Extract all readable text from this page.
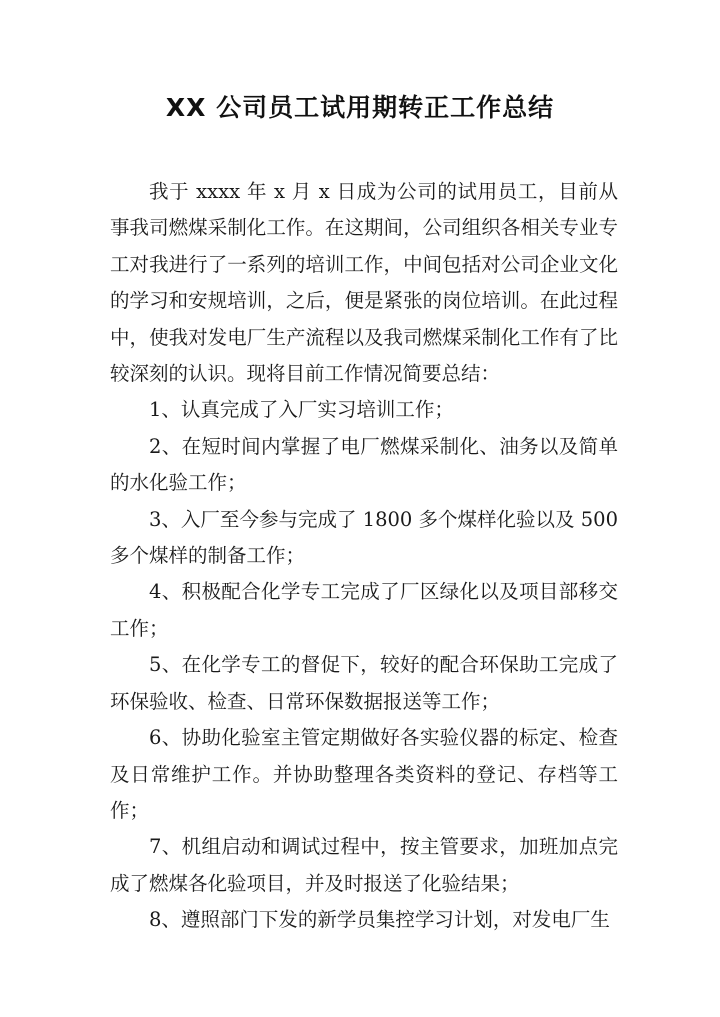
XX 公司员工试用期转正工作总结

我于 xxxx 年 x 月 x 日成为公司的试用员工，目前从事我司燃煤采制化工作。在这期间，公司组织各相关专业专工对我进行了一系列的培训工作，中间包括对公司企业文化的学习和安规培训，之后，便是紧张的岗位培训。在此过程中，使我对发电厂生产流程以及我司燃煤采制化工作有了比较深刻的认识。现将目前工作情况简要总结：

1、认真完成了入厂实习培训工作；

2、在短时间内掌握了电厂燃煤采制化、油务以及简单的水化验工作；

3、入厂至今参与完成了 1800 多个煤样化验以及 500 多个煤样的制备工作；

4、积极配合化学专工完成了厂区绿化以及项目部移交工作；

5、在化学专工的督促下，较好的配合环保助工完成了环保验收、检查、日常环保数据报送等工作；

6、协助化验室主管定期做好各实验仪器的标定、检查及日常维护工作。并协助整理各类资料的登记、存档等工作；

7、机组启动和调试过程中，按主管要求，加班加点完成了燃煤各化验项目，并及时报送了化验结果；

8、遵照部门下发的新学员集控学习计划，对发电厂生
